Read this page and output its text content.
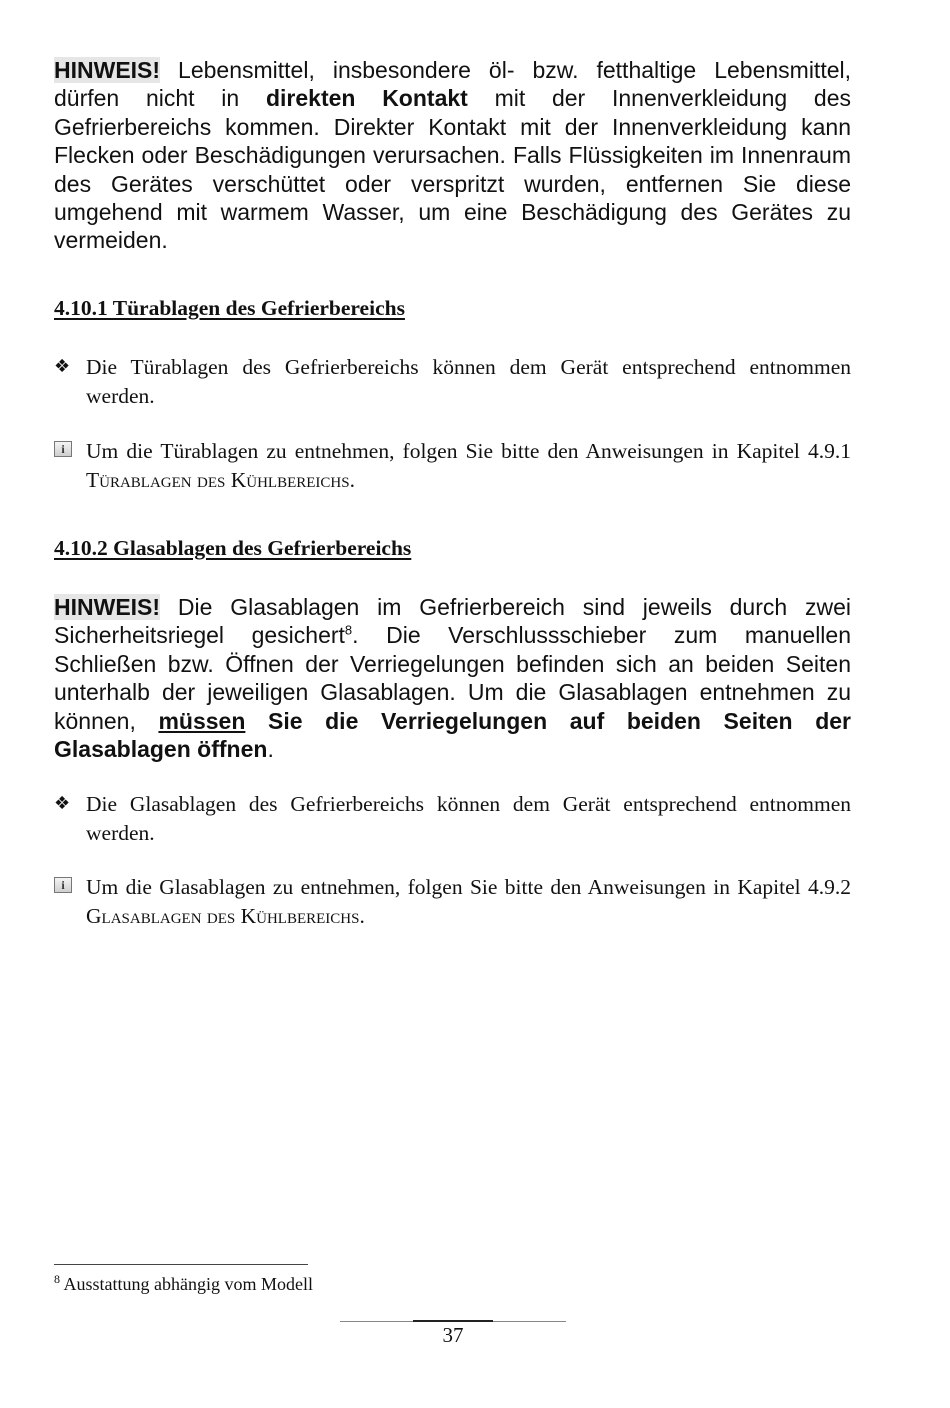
HINWEIS! Lebensmittel, insbesondere öl- bzw. fetthaltige Lebensmittel, dürfen nicht in direkten Kontakt mit der Innenverkleidung des Gefrierbereichs kommen. Direkter Kontakt mit der Innenverkleidung kann Flecken oder Beschädigungen verursachen. Falls Flüssigkeiten im Innenraum des Gerätes verschüttet oder verspritzt wurden, entfernen Sie diese umgehend mit warmem Wasser, um eine Beschädigung des Gerätes zu vermeiden.
4.10.1 Türablagen des Gefrierbereichs
❖ Die Türablagen des Gefrierbereichs können dem Gerät entsprechend entnommen werden.
i Um die Türablagen zu entnehmen, folgen Sie bitte den Anweisungen in Kapitel 4.9.1 Türablagen des Kühlbereichs.
4.10.2 Glasablagen des Gefrierbereichs
HINWEIS! Die Glasablagen im Gefrierbereich sind jeweils durch zwei Sicherheitsriegel gesichert$^8$. Die Verschlussschieber zum manuellen Schließen bzw. Öffnen der Verriegelungen befinden sich an beiden Seiten unterhalb der jeweiligen Glasablagen. Um die Glasablagen entnehmen zu können, müssen Sie die Verriegelungen auf beiden Seiten der Glasablagen öffnen.
❖ Die Glasablagen des Gefrierbereichs können dem Gerät entsprechend entnommen werden.
i Um die Glasablagen zu entnehmen, folgen Sie bitte den Anweisungen in Kapitel 4.9.2 Glasablagen des Kühlbereichs.
$^8$ Ausstattung abhängig vom Modell
37
